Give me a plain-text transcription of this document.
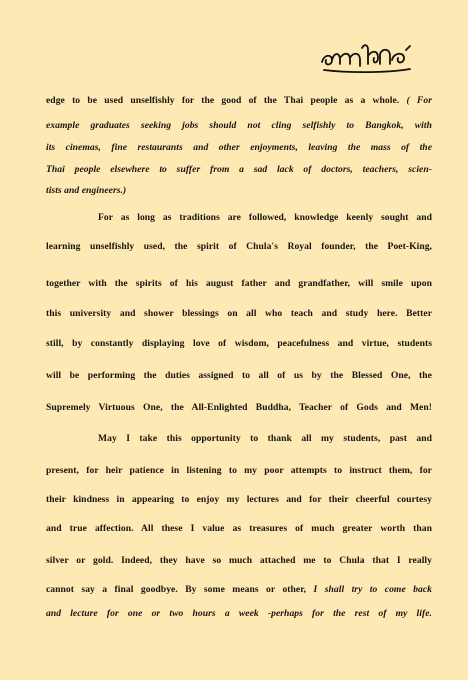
edge to be used unselfishly for the good of the Thai people as a whole. ( For
example graduates seeking jobs should not cling selfishly to Bangkok, with
its cinemas, fine restaurants and other enjoyments, leaving the mass of the
Thai people elsewhere to suffer from a sad lack of doctors, teachers, scien-
tists and engineers.)
For as long as traditions are followed, knowledge keenly sought and
learning unselfishly used, the spirit of Chula's Royal founder, the Poet-King,
together with the spirits of his august father and grandfather, will smile upon
this university and shower blessings on all who teach and study here. Better
still, by constantly displaying love of wisdom, peacefulness and virtue, students
will be performing the duties assigned to all of us by the Blessed One, the
Supremely Virtuous One, the All-Enlighted Buddha, Teacher of Gods and Men!
May I take this opportunity to thank all my students, past and
present, for heir patience in listening to my poor attempts to instruct them, for
their kindness in appearing to enjoy my lectures and for their cheerful courtesy
and true affection. All these I value as treasures of much greater worth than
silver or gold. Indeed, they have so much attached me to Chula that I really
cannot say a final goodbye. By some means or other, I shall try to come back
and lecture for one or two hours a week -perhaps for the rest of my life.
